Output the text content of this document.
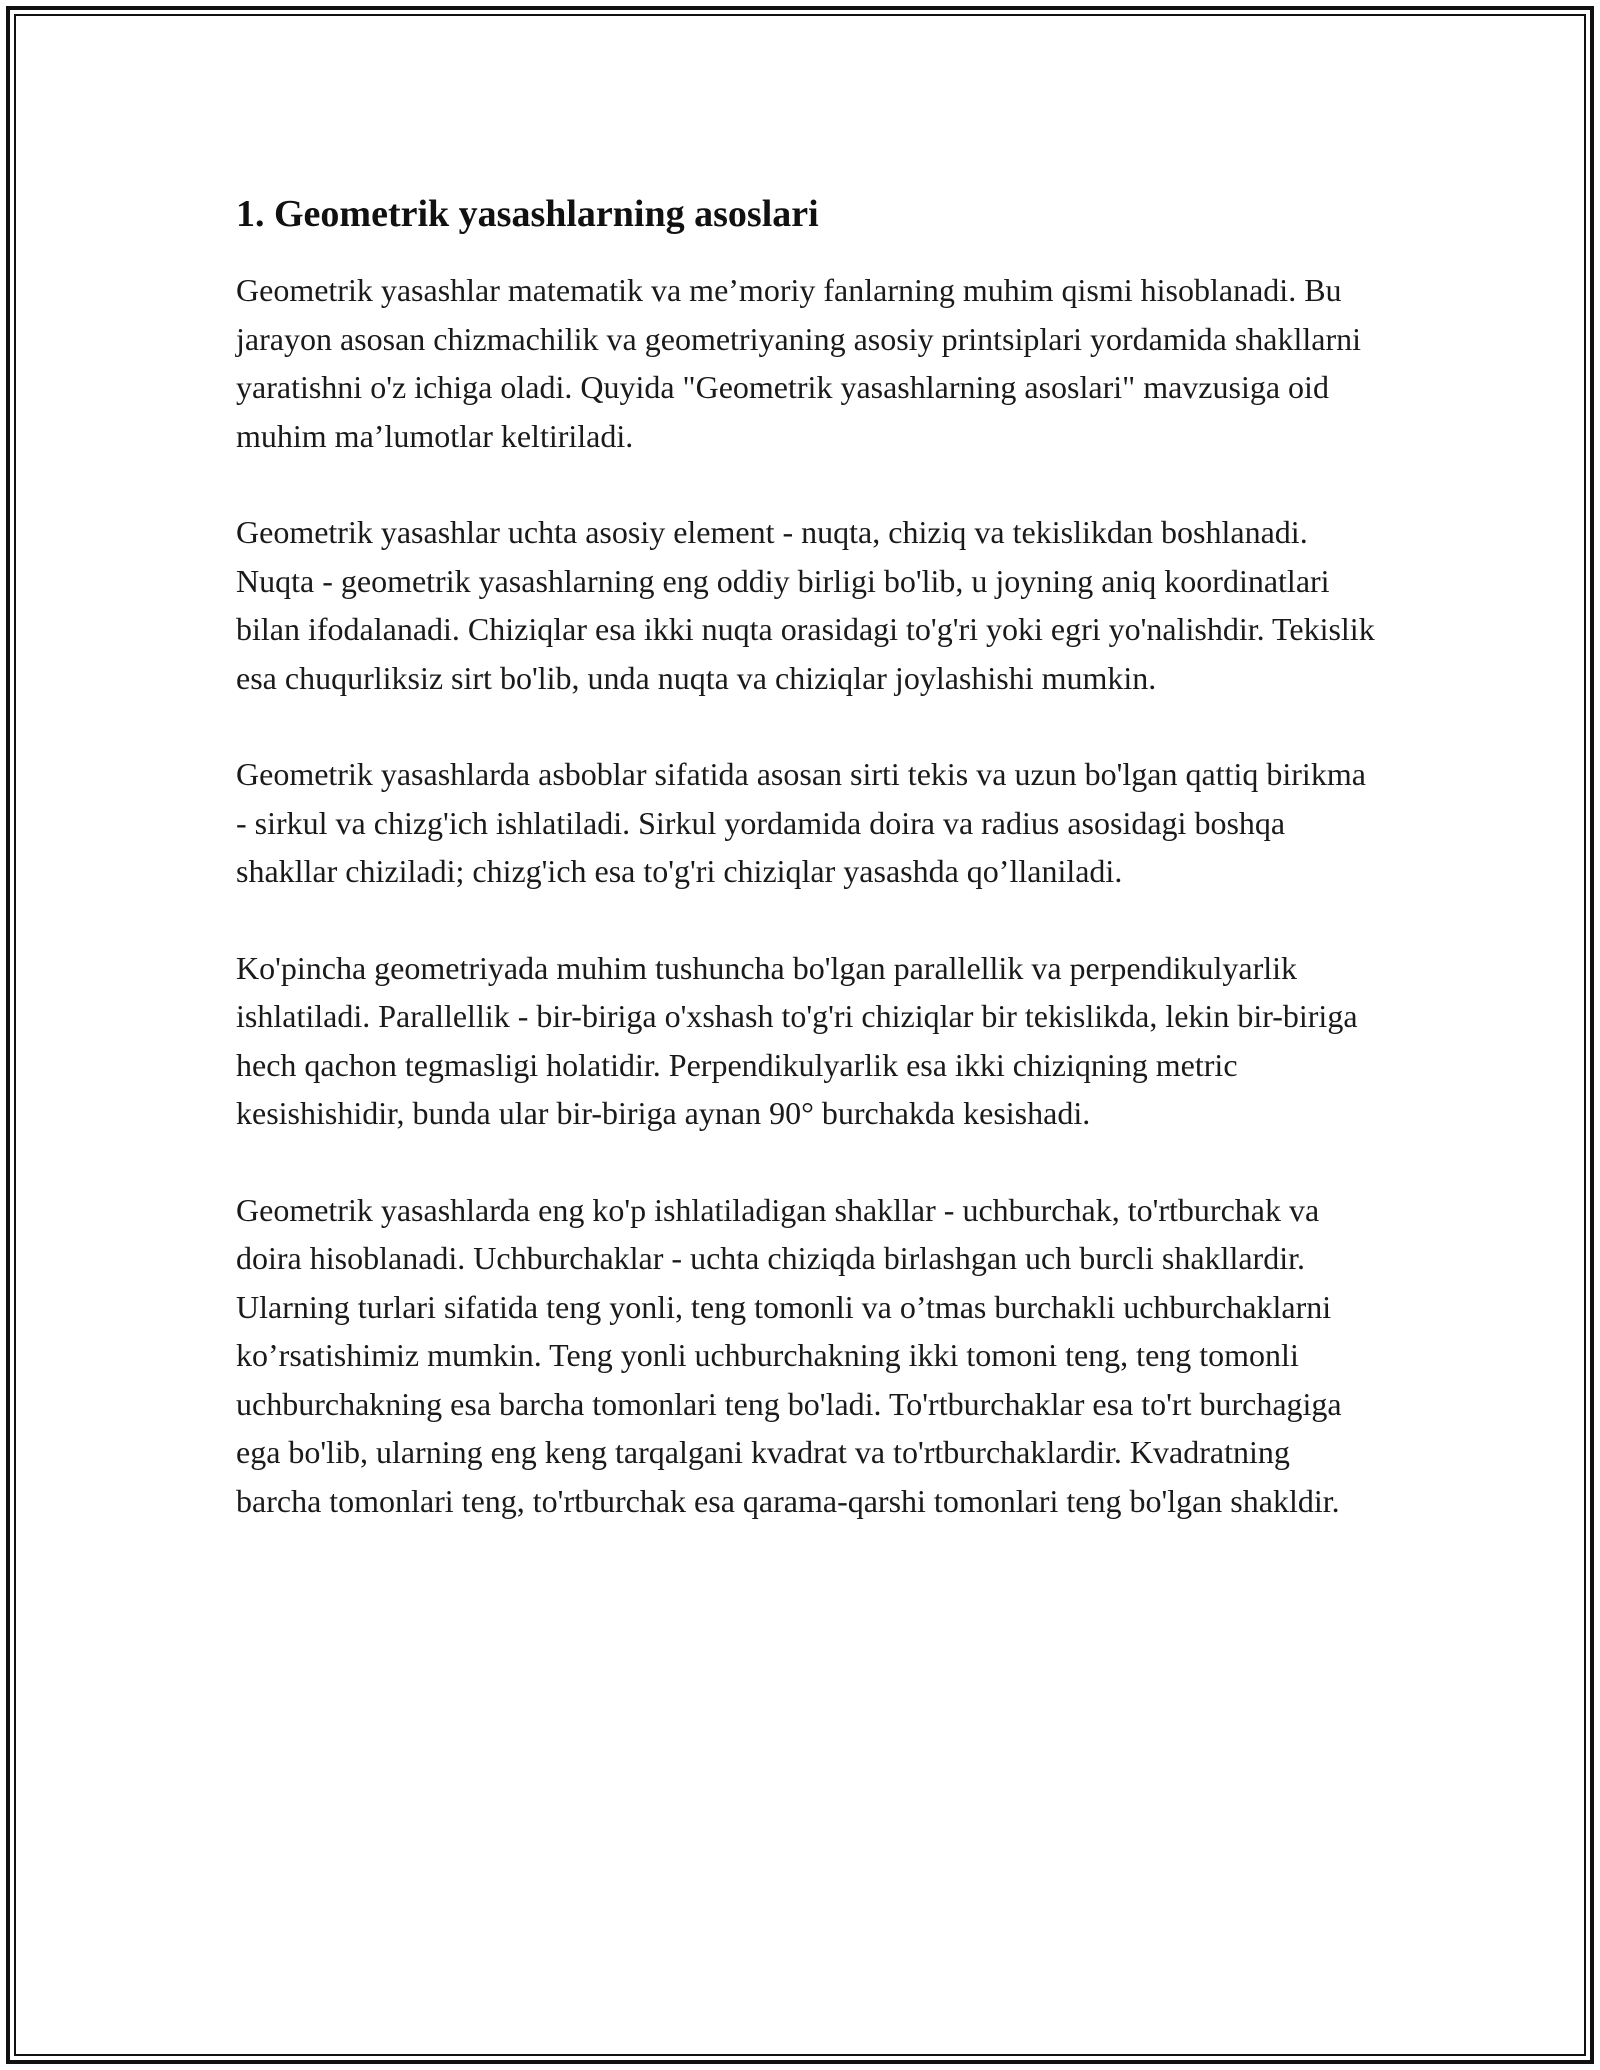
1. Geometrik yasashlarning asoslari

Geometrik yasashlar matematik va me’moriy fanlarning muhim qismi hisoblanadi. Bu jarayon asosan chizmachilik va geometriyaning asosiy printsiplari yordamida shakllarni yaratishni o'z ichiga oladi. Quyida "Geometrik yasashlarning asoslari" mavzusiga oid muhim ma’lumotlar keltiriladi.

Geometrik yasashlar uchta asosiy element - nuqta, chiziq va tekislikdan boshlanadi. Nuqta - geometrik yasashlarning eng oddiy birligi bo'lib, u joyning aniq koordinatlari bilan ifodalanadi. Chiziqlar esa ikki nuqta orasidagi to'g'ri yoki egri yo'nalishdir. Tekislik esa chuqurliksiz sirt bo'lib, unda nuqta va chiziqlar joylashishi mumkin.

Geometrik yasashlarda asboblar sifatida asosan sirti tekis va uzun bo'lgan qattiq birikma - sirkul va chizg'ich ishlatiladi. Sirkul yordamida doira va radius asosidagi boshqa shakllar chiziladi; chizg'ich esa to'g'ri chiziqlar yasashda qo’llaniladi.

Ko'pincha geometriyada muhim tushuncha bo'lgan parallellik va perpendikulyarlik ishlatiladi. Parallellik - bir-biriga o'xshash to'g'ri chiziqlar bir tekislikda, lekin bir-biriga hech qachon tegmasligi holatidir. Perpendikulyarlik esa ikki chiziqning metric kesishishidir, bunda ular bir-biriga aynan 90° burchakda kesishadi.

Geometrik yasashlarda eng ko'p ishlatiladigan shakllar - uchburchak, to'rtburchak va doira hisoblanadi. Uchburchaklar - uchta chiziqda birlashgan uch burcli shakllardir. Ularning turlari sifatida teng yonli, teng tomonli va o’tmas burchakli uchburchaklarni ko’rsatishimiz mumkin. Teng yonli uchburchakning ikki tomoni teng, teng tomonli uchburchakning esa barcha tomonlari teng bo'ladi. To'rtburchaklar esa to'rt burchagiga ega bo'lib, ularning eng keng tarqalgani kvadrat va to'rtburchaklardir. Kvadratning barcha tomonlari teng, to'rtburchak esa qarama-qarshi tomonlari teng bo'lgan shakldir.
